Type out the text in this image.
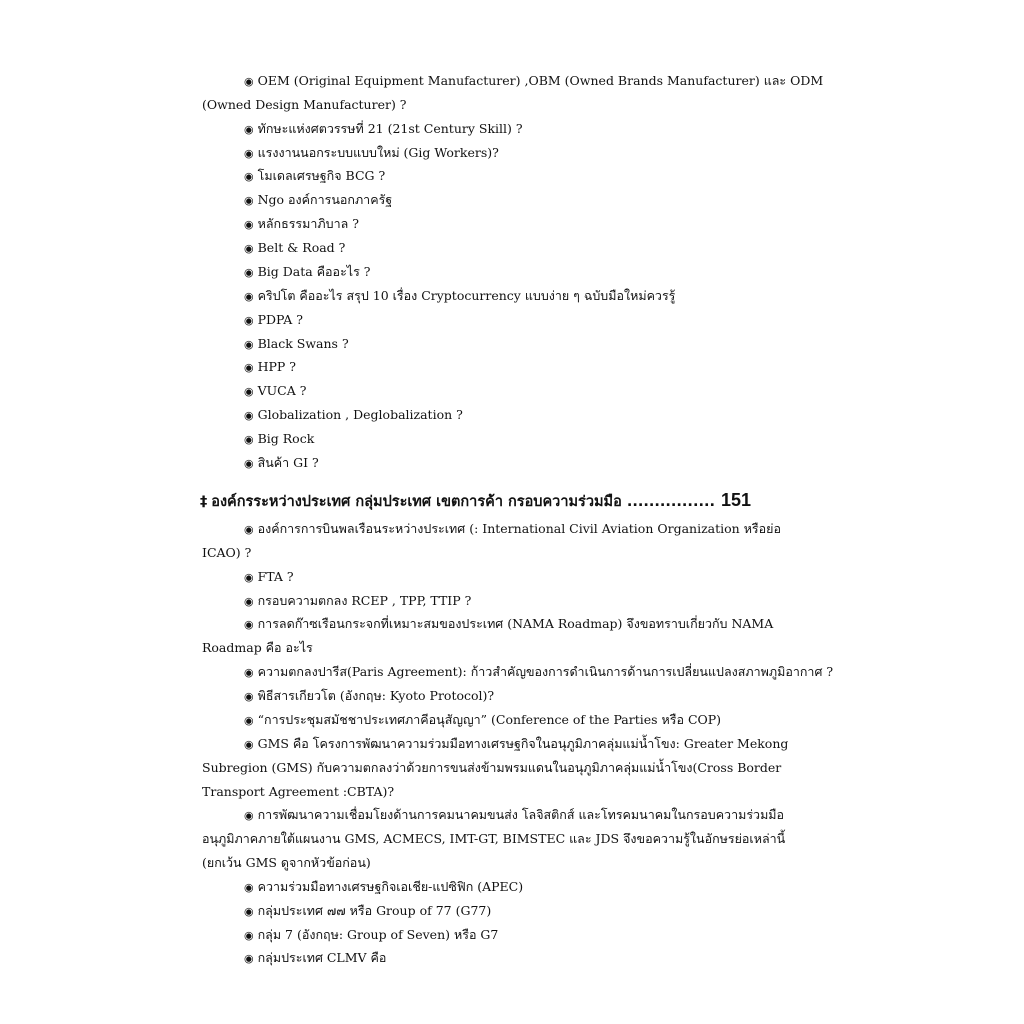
◉ OEM (Original Equipment Manufacturer) ,OBM (Owned Brands Manufacturer) และ ODM
(Owned Design Manufacturer) ?
◉ ทักษะแห่งศตวรรษที่ 21 (21st Century Skill) ?
◉ แรงงานนอกระบบแบบใหม่ (Gig Workers)?
◉ โมเดลเศรษฐกิจ BCG ?
◉ Ngo องค์การนอกภาครัฐ
◉ หลักธรรมาภิบาล ?
◉ Belt & Road ?
◉ Big Data คืออะไร ?
◉ คริปโต คืออะไร สรุป 10 เรื่อง Cryptocurrency แบบง่าย ๆ ฉบับมือใหม่ควรรู้
◉ PDPA ?
◉ Black Swans ?
◉ HPP ?
◉ VUCA ?
◉ Globalization , Deglobalization ?
◉ Big Rock
◉ สินค้า GI ?
‡ องค์กรระหว่างประเทศ กลุ่มประเทศ เขตการค้า กรอบความร่วมมือ ................ 151
◉ องค์การการบินพลเรือนระหว่างประเทศ (: International Civil Aviation Organization หรือย่อ
ICAO) ?
◉ FTA ?
◉ กรอบความตกลง RCEP , TPP, TTIP ?
◉ การลดก๊าซเรือนกระจกที่เหมาะสมของประเทศ (NAMA Roadmap) จึงขอทราบเกี่ยวกับ NAMA
Roadmap คือ อะไร
◉ ความตกลงปารีส(Paris Agreement): ก้าวสำคัญของการดำเนินการด้านการเปลี่ยนแปลงสภาพภูมิอากาศ ?
◉ พิธีสารเกียวโต (อังกฤษ: Kyoto Protocol)?
◉ “การประชุมสมัชชาประเทศภาคีอนุสัญญา” (Conference of the Parties หรือ COP)
◉ GMS คือ โครงการพัฒนาความร่วมมือทางเศรษฐกิจในอนุภูมิภาคลุ่มแม่น้ำโขง: Greater Mekong
Subregion (GMS) กับความตกลงว่าด้วยการขนส่งข้ามพรมแดนในอนุภูมิภาคลุ่มแม่น้ำโขง(Cross Border
Transport Agreement :CBTA)?
◉ การพัฒนาความเชื่อมโยงด้านการคมนาคมขนส่ง โลจิสติกส์ และโทรคมนาคมในกรอบความร่วมมือ
อนุภูมิภาคภายใต้แผนงาน GMS, ACMECS, IMT-GT, BIMSTEC และ JDS จึงขอความรู้ในอักษรย่อเหล่านี้
(ยกเว้น GMS ดูจากหัวข้อก่อน)
◉ ความร่วมมือทางเศรษฐกิจเอเชีย-แปซิฟิก (APEC)
◉ กลุ่มประเทศ ๗๗ หรือ Group of 77 (G77)
◉ กลุ่ม 7 (อังกฤษ: Group of Seven) หรือ G7
◉ กลุ่มประเทศ CLMV คือ
